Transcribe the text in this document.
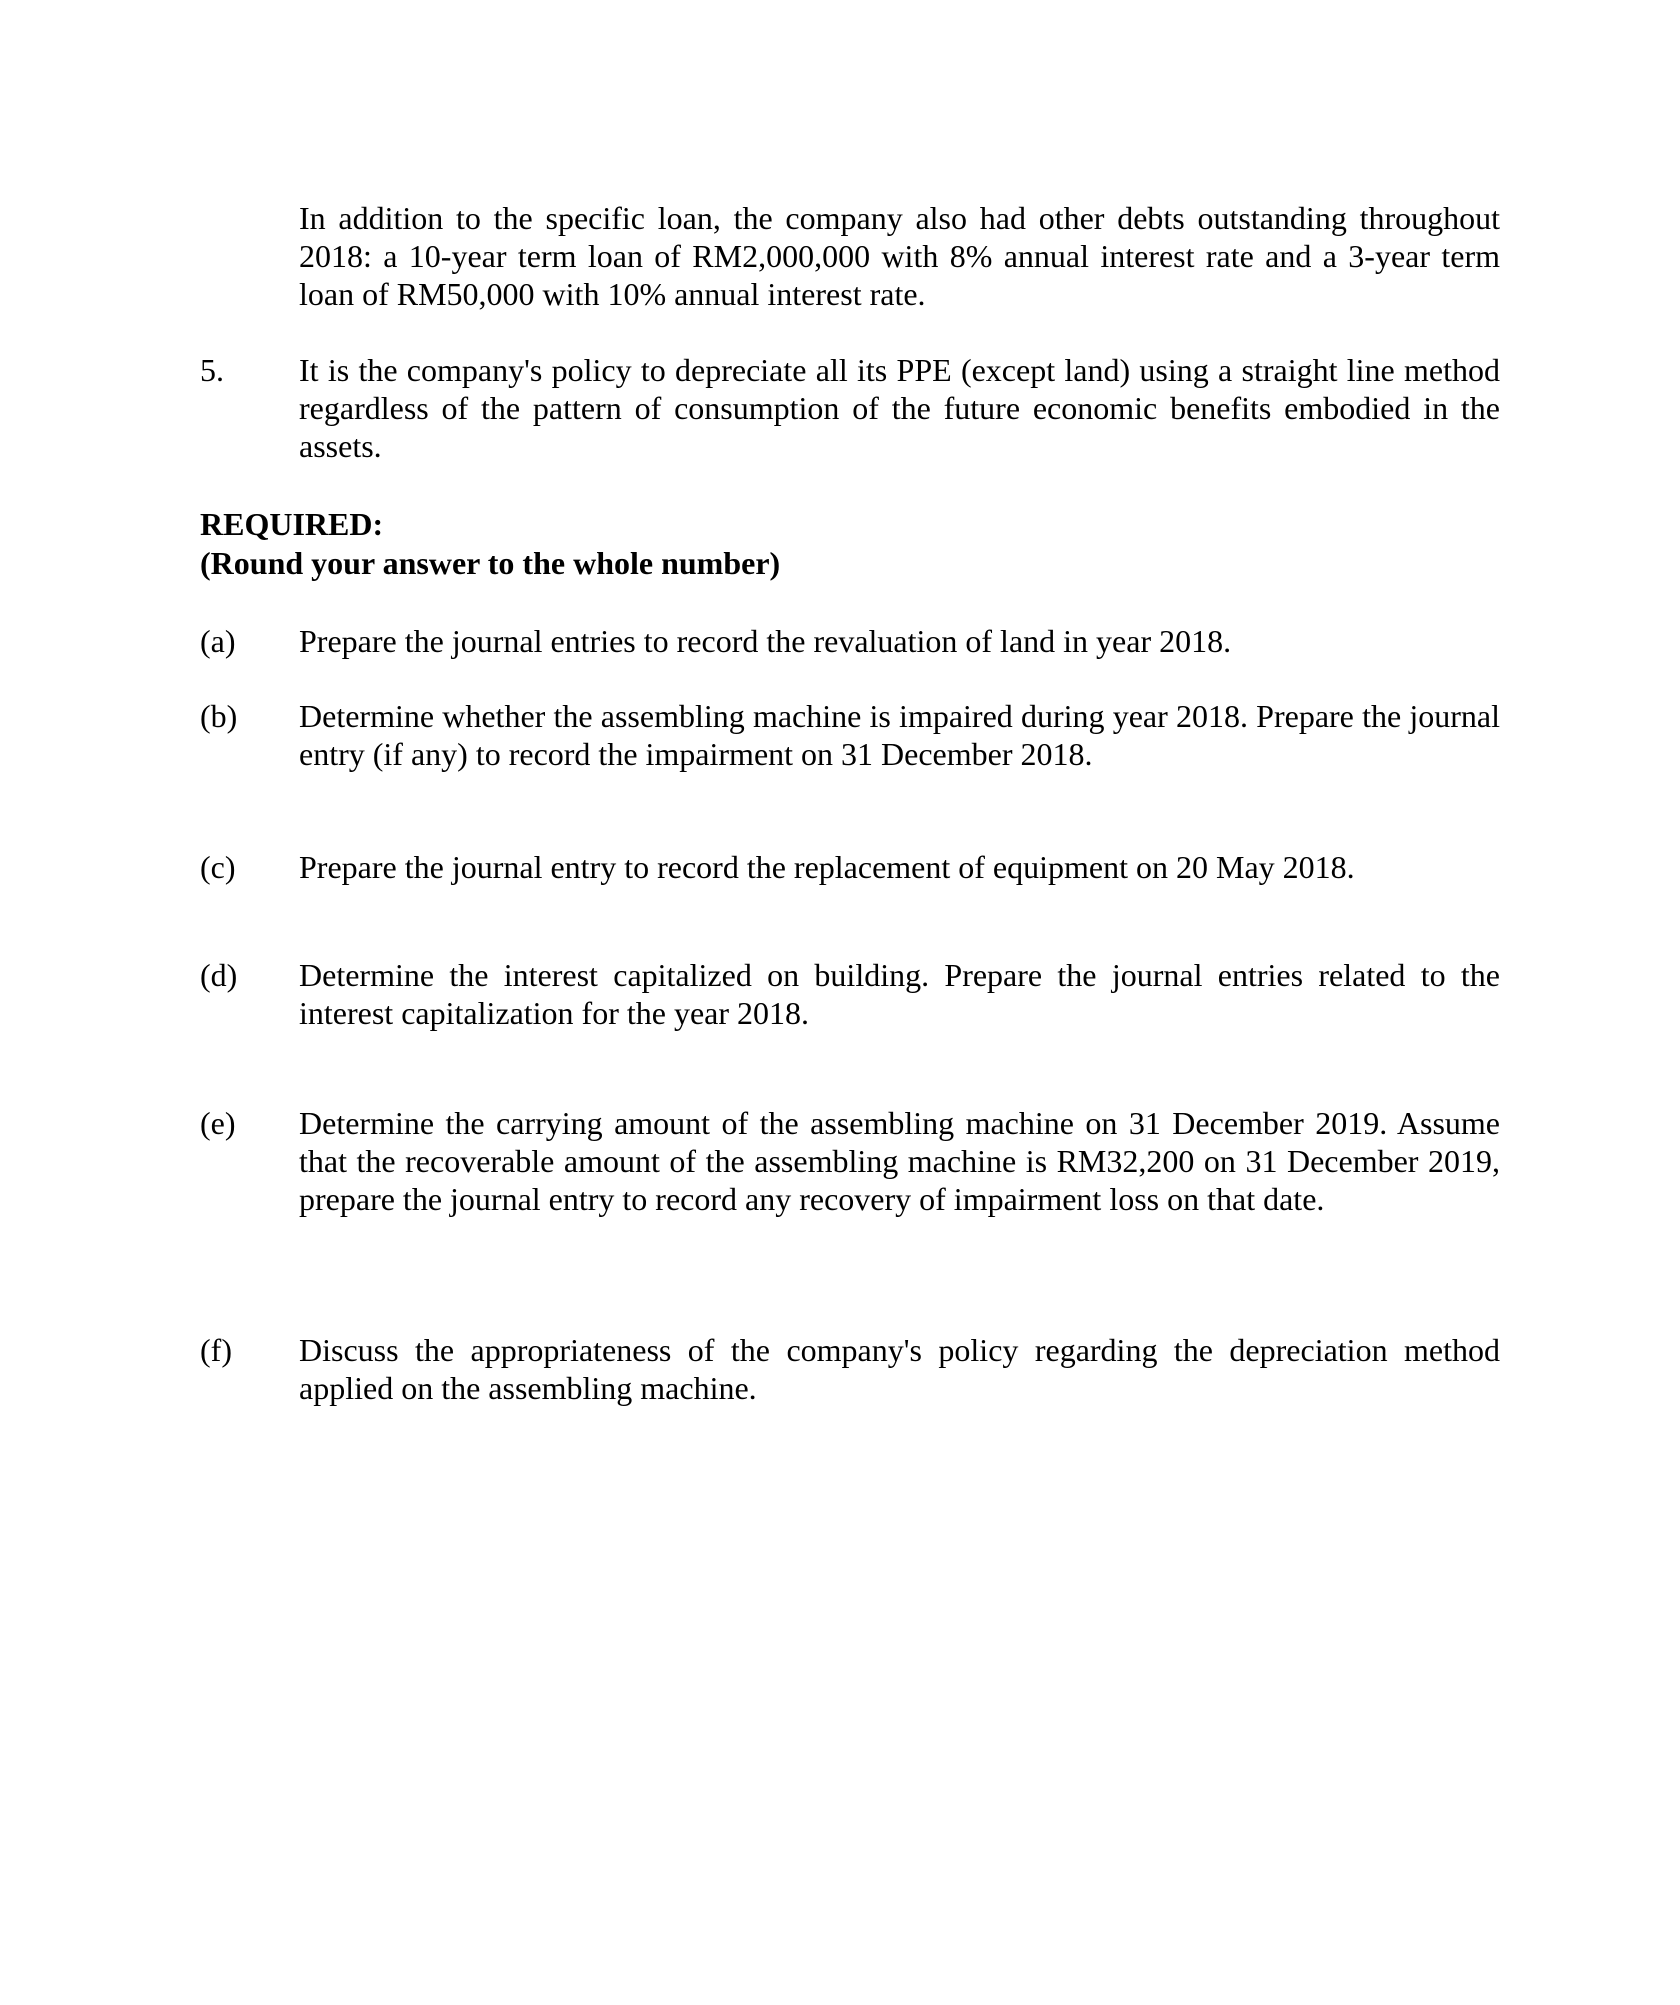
In addition to the specific loan, the company also had other debts outstanding throughout 2018: a 10-year term loan of RM2,000,000 with 8% annual interest rate and a 3-year term loan of RM50,000 with 10% annual interest rate.
5.	It is the company's policy to depreciate all its PPE (except land) using a straight line method regardless of the pattern of consumption of the future economic benefits embodied in the assets.
REQUIRED:
(Round your answer to the whole number)
(a)	Prepare the journal entries to record the revaluation of land in year 2018.
(b)	Determine whether the assembling machine is impaired during year 2018. Prepare the journal entry (if any) to record the impairment on 31 December 2018.
(c)	Prepare the journal entry to record the replacement of equipment on 20 May 2018.
(d)	Determine the interest capitalized on building. Prepare the journal entries related to the interest capitalization for the year 2018.
(e)	Determine the carrying amount of the assembling machine on 31 December 2019. Assume that the recoverable amount of the assembling machine is RM32,200 on 31 December 2019, prepare the journal entry to record any recovery of impairment loss on that date.
(f)	Discuss the appropriateness of the company's policy regarding the depreciation method applied on the assembling machine.
